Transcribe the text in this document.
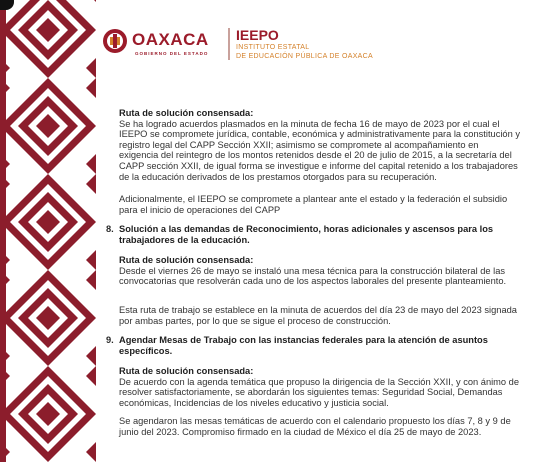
OAXACA
GOBIERNO DEL ESTADO
IEEPO
INSTITUTO ESTATAL
DE EDUCACIÓN PÚBLICA DE OAXACA
Ruta de solución consensada:
Se ha logrado acuerdos plasmados en la minuta de fecha 16 de mayo de 2023 por el cual el IEEPO se compromete jurídica, contable, económica y administrativamente para la constitución y registro legal del CAPP Sección XXII; asimismo se compromete al acompañamiento en exigencia del reintegro de los montos retenidos desde el 20 de julio de 2015, a la secretaría del CAPP sección XXII, de igual forma se investigue e informe del capital retenido a los trabajadores de la educación derivados de los prestamos otorgados para su recuperación.
Adicionalmente, el IEEPO se compromete a plantear ante el estado y la federación el subsidio para el inicio de operaciones del CAPP
8. Solución a las demandas de Reconocimiento, horas adicionales y ascensos para los trabajadores de la educación.
Ruta de solución consensada:
Desde el viernes 26 de mayo se instaló una mesa técnica para la construcción bilateral de las convocatorias que resolverán cada uno de los aspectos laborales del presente planteamiento.
Esta ruta de trabajo se establece en la minuta de acuerdos del día 23 de mayo del 2023 signada por ambas partes, por lo que se sigue el proceso de construcción.
9. Agendar Mesas de Trabajo con las instancias federales para la atención de asuntos específicos.
Ruta de solución consensada:
De acuerdo con la agenda temática que propuso la dirigencia de la Sección XXII, y con ánimo de resolver satisfactoriamente, se abordarán los siguientes temas: Seguridad Social, Demandas económicas, Incidencias de los niveles educativo y justicia social.
Se agendaron las mesas temáticas de acuerdo con el calendario propuesto los días 7, 8 y 9 de junio del 2023. Compromiso firmado en la ciudad de México el día 25 de mayo de 2023.
